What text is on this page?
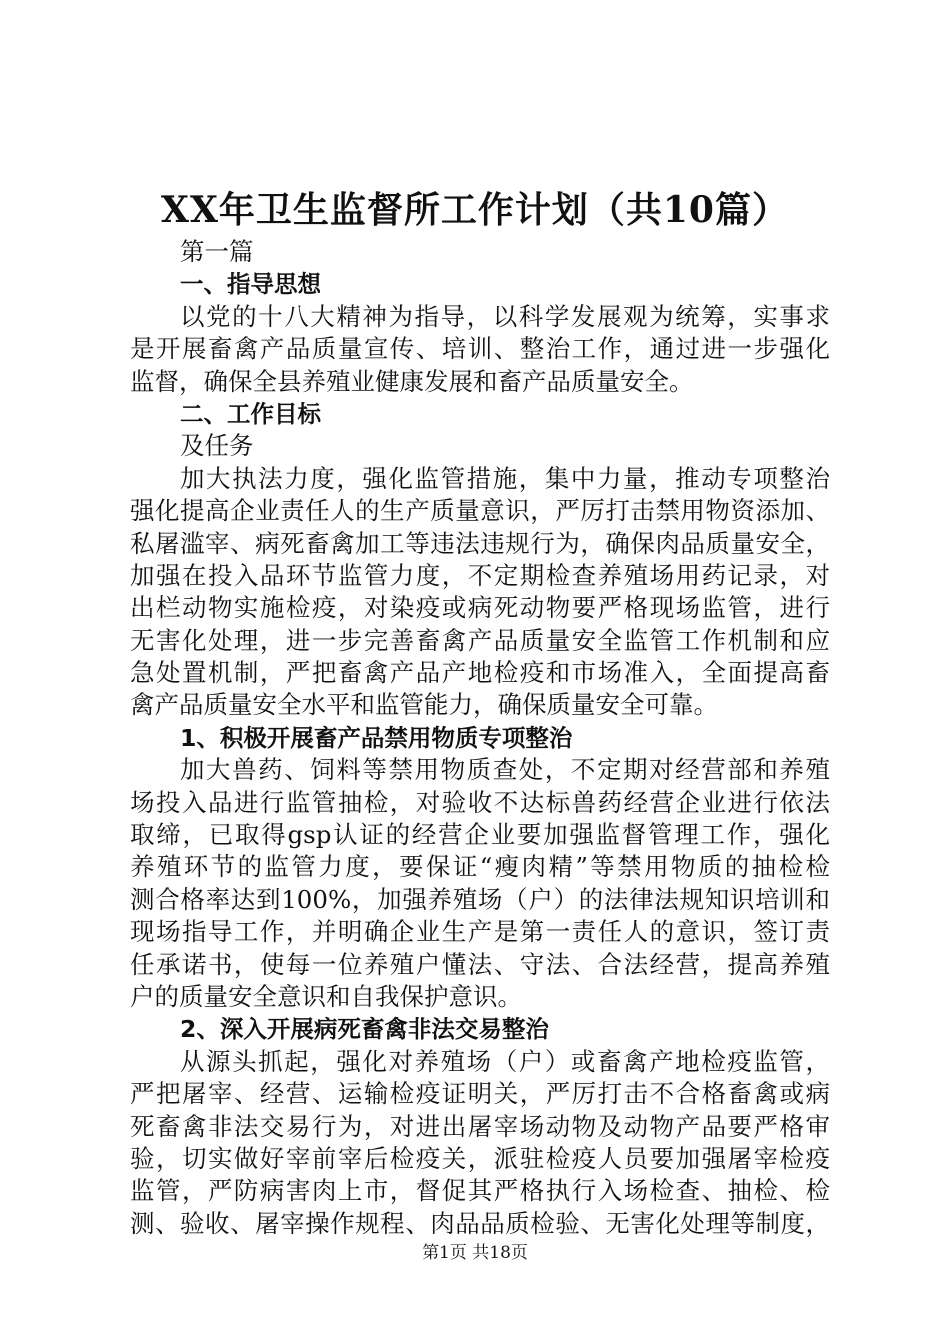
XX年卫生监督所工作计划（共10篇）
第一篇
一、指导思想
以党的十八大精神为指导，以科学发展观为统筹，实事求
是开展畜禽产品质量宣传、培训、整治工作，通过进一步强化
监督，确保全县养殖业健康发展和畜产品质量安全。
二、工作目标
及任务
加大执法力度，强化监管措施，集中力量，推动专项整治
强化提高企业责任人的生产质量意识，严厉打击禁用物资添加、
私屠滥宰、病死畜禽加工等违法违规行为，确保肉品质量安全，
加强在投入品环节监管力度，不定期检查养殖场用药记录，对
出栏动物实施检疫，对染疫或病死动物要严格现场监管，进行
无害化处理，进一步完善畜禽产品质量安全监管工作机制和应
急处置机制，严把畜禽产品产地检疫和市场准入，全面提高畜
禽产品质量安全水平和监管能力，确保质量安全可靠。
1、积极开展畜产品禁用物质专项整治
加大兽药、饲料等禁用物质查处，不定期对经营部和养殖
场投入品进行监管抽检，对验收不达标兽药经营企业进行依法
取缔，已取得gsp认证的经营企业要加强监督管理工作，强化
养殖环节的监管力度，要保证“瘦肉精”等禁用物质的抽检检
测合格率达到100%，加强养殖场（户）的法律法规知识培训和
现场指导工作，并明确企业生产是第一责任人的意识，签订责
任承诺书，使每一位养殖户懂法、守法、合法经营，提高养殖
户的质量安全意识和自我保护意识。
2、深入开展病死畜禽非法交易整治
从源头抓起，强化对养殖场（户）或畜禽产地检疫监管，
严把屠宰、经营、运输检疫证明关，严厉打击不合格畜禽或病
死畜禽非法交易行为，对进出屠宰场动物及动物产品要严格审
验，切实做好宰前宰后检疫关，派驻检疫人员要加强屠宰检疫
监管，严防病害肉上市，督促其严格执行入场检查、抽检、检
测、验收、屠宰操作规程、肉品品质检验、无害化处理等制度，
第1页 共18页
